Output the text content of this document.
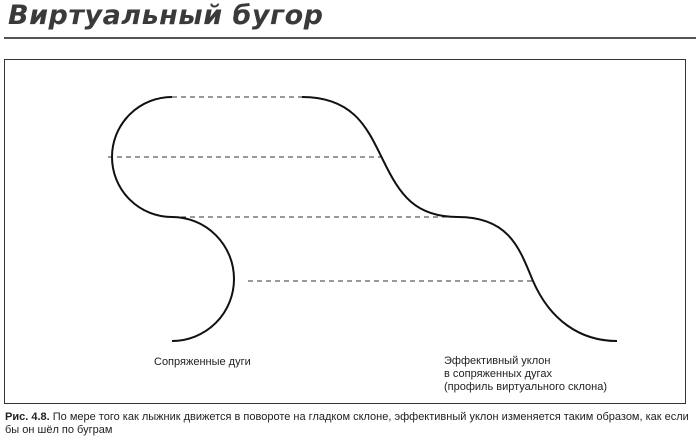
Виртуальный бугор
Сопряженные дуги	Эффективный уклон
в сопряженных дугах
(профиль виртуального склона)
Рис. 4.8. По мере того как лыжник движется в повороте на гладком склоне, эффективный уклон изменяется таким образом, как если бы он шёл по буграм
